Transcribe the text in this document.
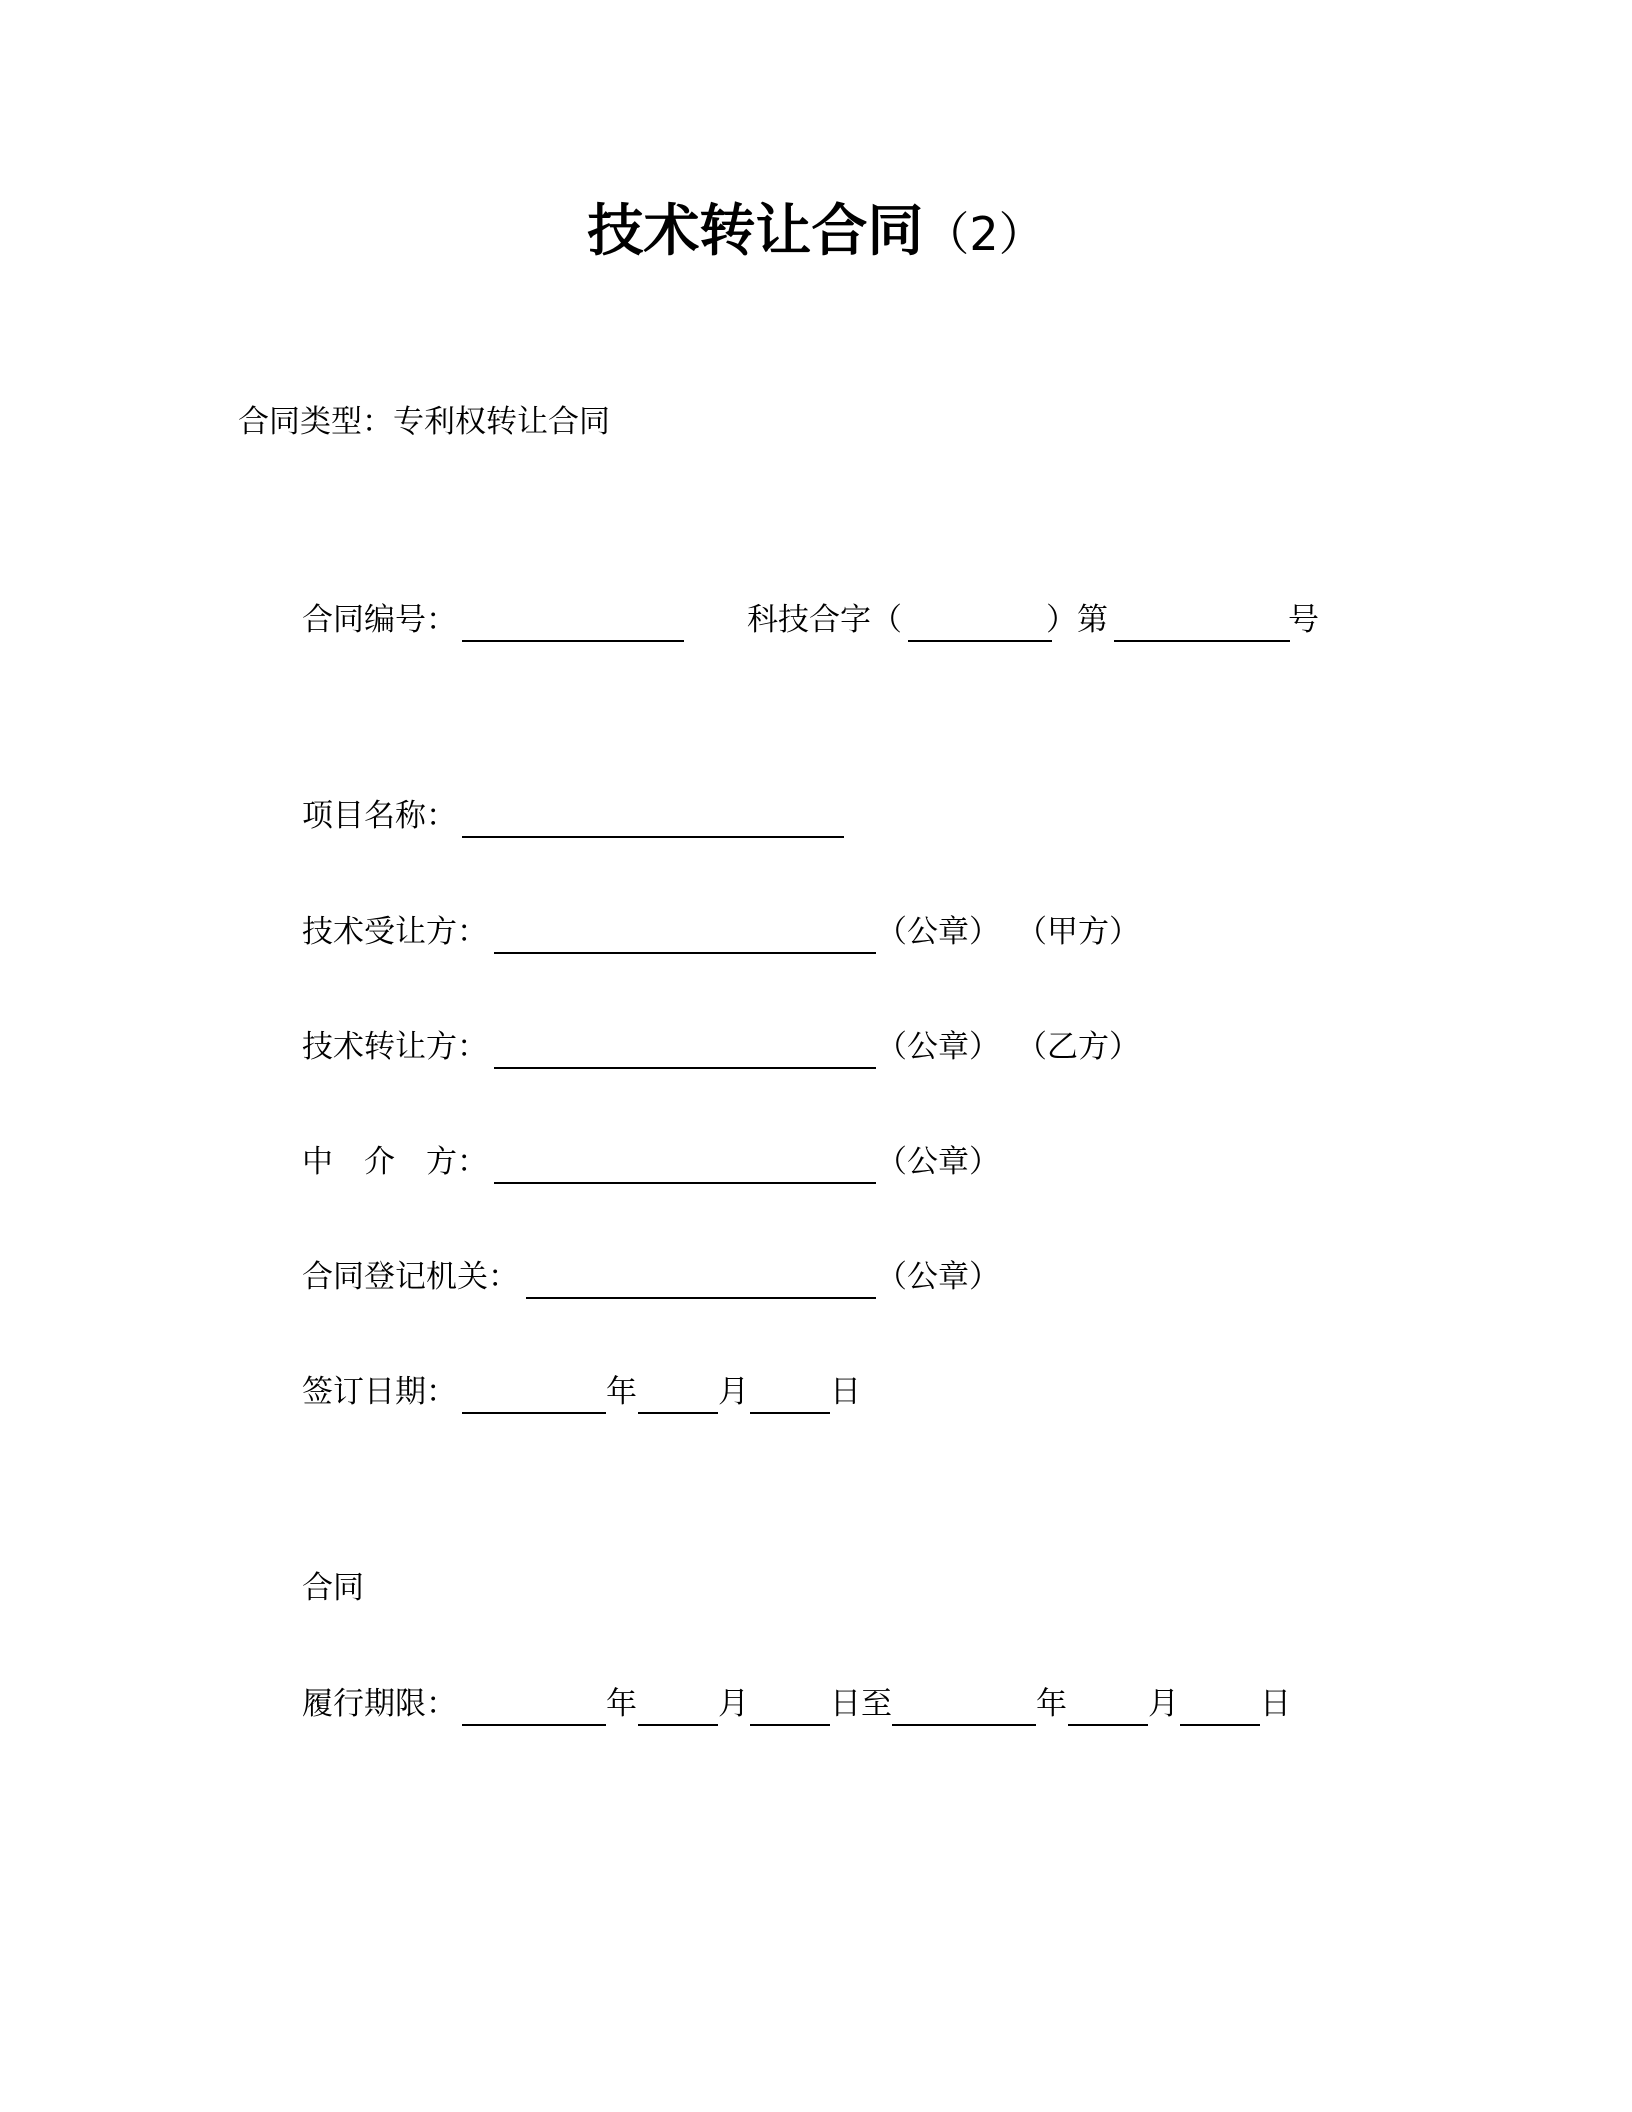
技术转让合同（2）
合同类型：专利权转让合同
合同编号：	科技合字（	）第	号
项目名称：
技术受让方：	（公章） （甲方）
技术转让方：	（公章） （乙方）
中　介　方：	（公章）
合同登记机关：	（公章）
签订日期：	年	月	日
合同
履行期限：	年	月	日至	年	月	日
